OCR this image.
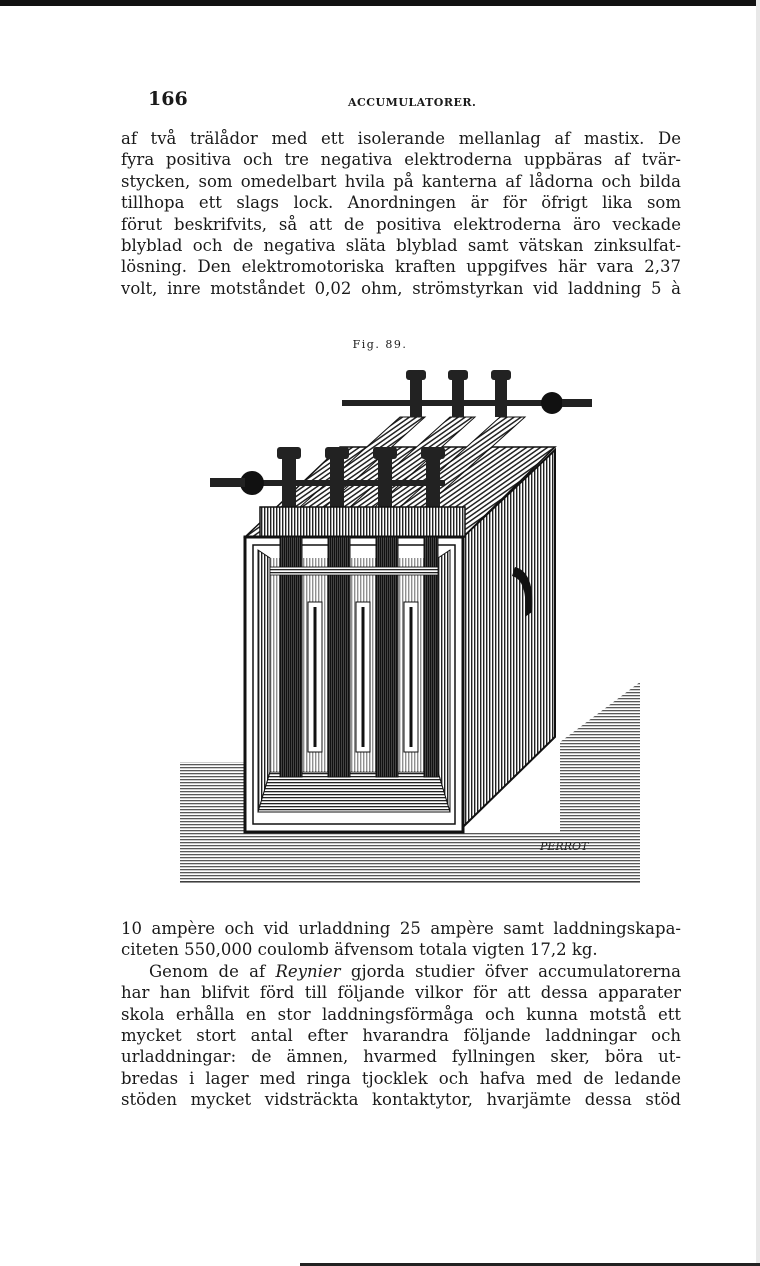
166	ACCUMULATORER.
af två trälådor med ett isolerande mellanlag af mastix. De
fyra positiva och tre negativa elektroderna uppbäras af tvär-
stycken, som omedelbart hvila på kanterna af lådorna och bilda
tillhopa ett slags lock. Anordningen är för öfrigt lika som
förut beskrifvits, så att de positiva elektroderna äro veckade
blyblad och de negativa släta blyblad samt vätskan zinksulfat-
lösning. Den elektromotoriska kraften uppgifves här vara 2,37
volt, inre motståndet 0,02 ohm, strömstyrkan vid laddning 5 à
Fig. 89.
PERROT
10 ampère och vid urladdning 25 ampère samt laddningskapa-
citeten 550,000 coulomb äfvensom totala vigten 17,2 kg.
Genom de af Reynier gjorda studier öfver accumulatorerna
har han blifvit förd till följande vilkor för att dessa apparater
skola erhålla en stor laddningsförmåga och kunna motstå ett
mycket stort antal efter hvarandra följande laddningar och
urladdningar: de ämnen, hvarmed fyllningen sker, böra ut-
bredas i lager med ringa tjocklek och hafva med de ledande
stöden mycket vidsträckta kontaktytor, hvarjämte dessa stöd
